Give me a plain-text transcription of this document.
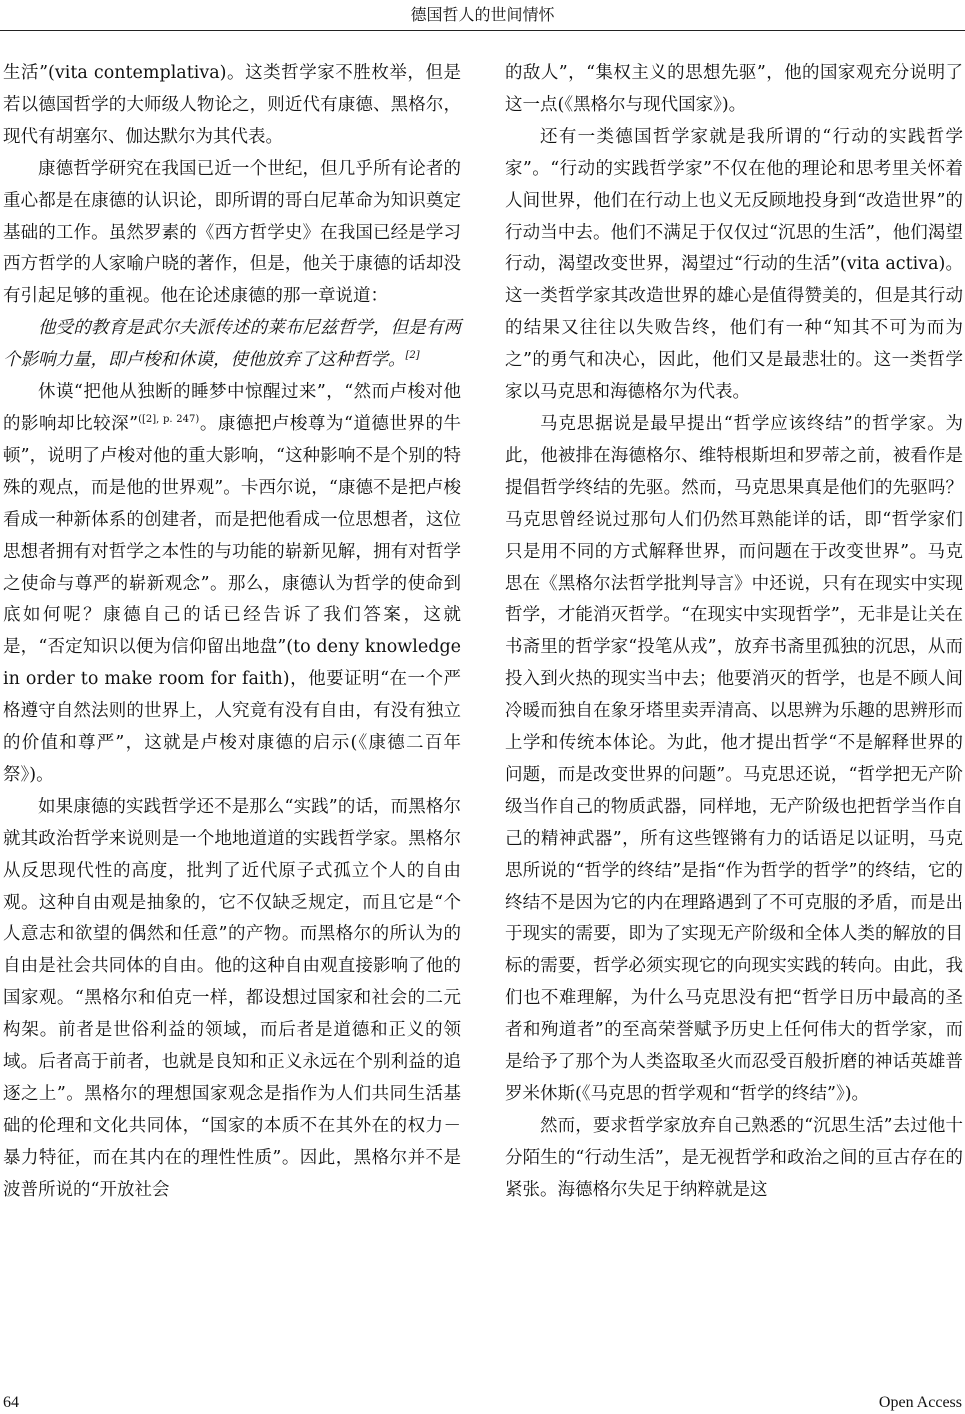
德国哲人的世间情怀

生活”(vita contemplativa)。这类哲学家不胜枚举，但是若以德国哲学的大师级人物论之，则近代有康德、黑格尔，现代有胡塞尔、伽达默尔为其代表。

康德哲学研究在我国已近一个世纪，但几乎所有论者的重心都是在康德的认识论，即所谓的哥白尼革命为知识奠定基础的工作。虽然罗素的《西方哲学史》在我国已经是学习西方哲学的人家喻户晓的著作，但是，他关于康德的话却没有引起足够的重视。他在论述康德的那一章说道：

他受的教育是武尔夫派传述的莱布尼兹哲学，但是有两个影响力量，即卢梭和休谟，使他放弃了这种哲学。[2]

休谟“把他从独断的睡梦中惊醒过来”，“然而卢梭对他的影响却比较深”$^{([2], p. 247)}$。康德把卢梭尊为“道德世界的牛顿”，说明了卢梭对他的重大影响，“这种影响不是个别的特殊的观点，而是他的世界观”。卡西尔说，“康德不是把卢梭看成一种新体系的创建者，而是把他看成一位思想者，这位思想者拥有对哲学之本性的与功能的崭新见解，拥有对哲学之使命与尊严的崭新观念”。那么，康德认为哲学的使命到底如何呢？康德自己的话已经告诉了我们答案，这就是，“否定知识以便为信仰留出地盘”(to deny knowledge in order to make room for faith)，他要证明“在一个严格遵守自然法则的世界上，人究竟有没有自由，有没有独立的价值和尊严”，这就是卢梭对康德的启示(《康德二百年祭》)。

如果康德的实践哲学还不是那么“实践”的话，而黑格尔就其政治哲学来说则是一个地地道道的实践哲学家。黑格尔从反思现代性的高度，批判了近代原子式孤立个人的自由观。这种自由观是抽象的，它不仅缺乏规定，而且它是“个人意志和欲望的偶然和任意”的产物。而黑格尔的所认为的自由是社会共同体的自由。他的这种自由观直接影响了他的国家观。“黑格尔和伯克一样，都设想过国家和社会的二元构架。前者是世俗利益的领域，而后者是道德和正义的领域。后者高于前者，也就是良知和正义永远在个别利益的追逐之上”。黑格尔的理想国家观念是指作为人们共同生活基础的伦理和文化共同体，“国家的本质不在其外在的权力－暴力特征，而在其内在的理性性质”。因此，黑格尔并不是波普所说的“开放社会

的敌人”，“集权主义的思想先驱”，他的国家观充分说明了这一点(《黑格尔与现代国家》)。

还有一类德国哲学家就是我所谓的“行动的实践哲学家”。“行动的实践哲学家”不仅在他的理论和思考里关怀着人间世界，他们在行动上也义无反顾地投身到“改造世界”的行动当中去。他们不满足于仅仅过“沉思的生活”，他们渴望行动，渴望改变世界，渴望过“行动的生活”(vita activa)。这一类哲学家其改造世界的雄心是值得赞美的，但是其行动的结果又往往以失败告终，他们有一种“知其不可为而为之”的勇气和决心，因此，他们又是最悲壮的。这一类哲学家以马克思和海德格尔为代表。

马克思据说是最早提出“哲学应该终结”的哲学家。为此，他被排在海德格尔、维特根斯坦和罗蒂之前，被看作是提倡哲学终结的先驱。然而，马克思果真是他们的先驱吗？马克思曾经说过那句人们仍然耳熟能详的话，即“哲学家们只是用不同的方式解释世界，而问题在于改变世界”。马克思在《黑格尔法哲学批判导言》中还说，只有在现实中实现哲学，才能消灭哲学。“在现实中实现哲学”，无非是让关在书斋里的哲学家“投笔从戎”，放弃书斋里孤独的沉思，从而投入到火热的现实当中去；他要消灭的哲学，也是不顾人间冷暖而独自在象牙塔里卖弄清高、以思辨为乐趣的思辨形而上学和传统本体论。为此，他才提出哲学“不是解释世界的问题，而是改变世界的问题”。马克思还说，“哲学把无产阶级当作自己的物质武器，同样地，无产阶级也把哲学当作自己的精神武器”，所有这些铿锵有力的话语足以证明，马克思所说的“哲学的终结”是指“作为哲学的哲学”的终结，它的终结不是因为它的内在理路遇到了不可克服的矛盾，而是出于现实的需要，即为了实现无产阶级和全体人类的解放的目标的需要，哲学必须实现它的向现实实践的转向。由此，我们也不难理解，为什么马克思没有把“哲学日历中最高的圣者和殉道者”的至高荣誉赋予历史上任何伟大的哲学家，而是给予了那个为人类盗取圣火而忍受百般折磨的神话英雄普罗米休斯(《马克思的哲学观和“哲学的终结”》)。

然而，要求哲学家放弃自己熟悉的“沉思生活”去过他十分陌生的“行动生活”，是无视哲学和政治之间的亘古存在的紧张。海德格尔失足于纳粹就是这

64	Open Access
